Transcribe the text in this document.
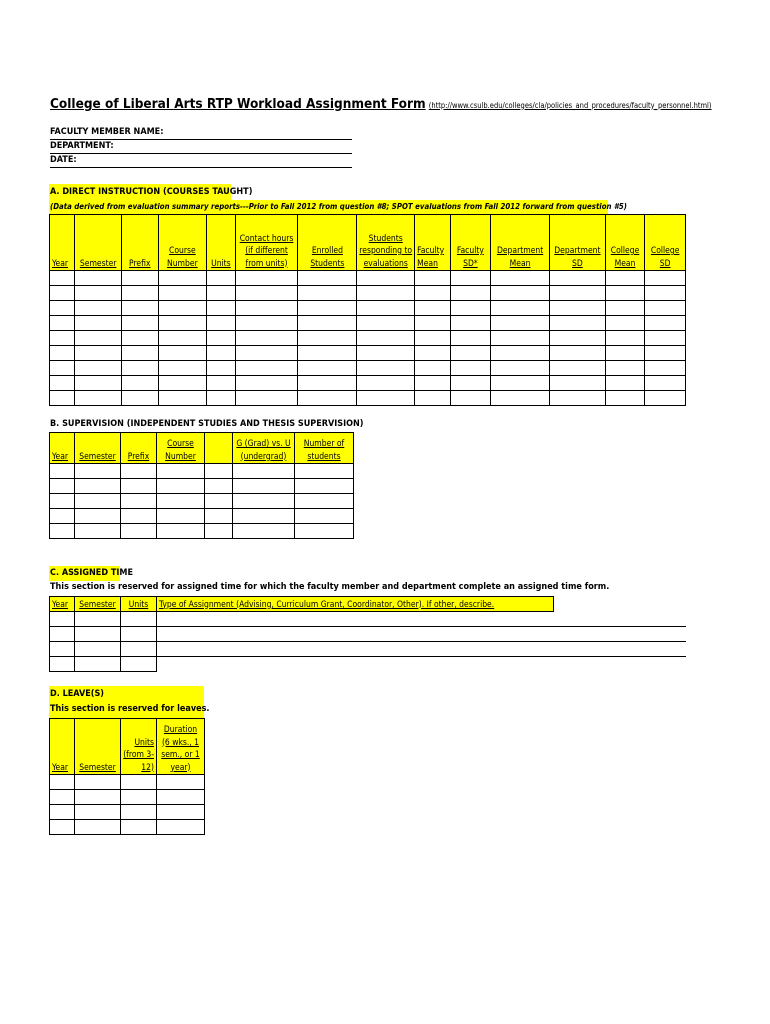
College of Liberal Arts RTP Workload Assignment Form (http://www.csulb.edu/colleges/cla/policies_and_procedures/faculty_personnel.html)
FACULTY MEMBER NAME:
DEPARTMENT:
DATE:
A. DIRECT INSTRUCTION (COURSES TAUGHT)
(Data derived from evaluation summary reports---Prior to Fall 2012 from question #8; SPOT evaluations from Fall 2012 forward from question #5)
Year	Semester	Prefix	Course Number	Units	Contact hours (if different from units)	Enrolled Students	Students responding to evaluations	Faculty Mean	Faculty SD*	Department Mean	Department SD	College Mean	College SD

B. SUPERVISION (INDEPENDENT STUDIES AND THESIS SUPERVISION)
Year	Semester	Prefix	Course Number		G (Grad) vs. U (undergrad)	Number of students

C. ASSIGNED TIME
This section is reserved for assigned time for which the faculty member and department complete an assigned time form.
Year	Semester	Units	Type of Assignment (Advising, Curriculum Grant, Coordinator, Other). If other, describe.

D. LEAVE(S)
This section is reserved for leaves.
Year	Semester	Units (from 3-12)	Duration (6 wks., 1 sem., or 1 year)
